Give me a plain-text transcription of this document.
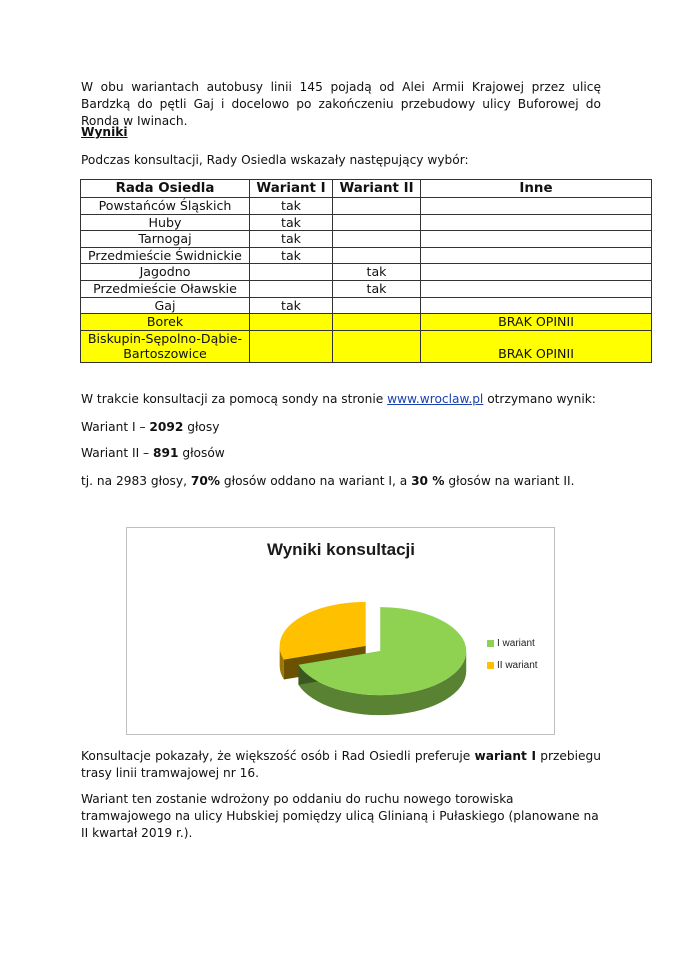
W obu wariantach autobusy linii 145 pojadą od Alei Armii Krajowej przez ulicę Bardzką do pętli Gaj i docelowo po zakończeniu przebudowy ulicy Buforowej do Ronda w Iwinach.

Wyniki

Podczas konsultacji, Rady Osiedla wskazały następujący wybór:

Rada Osiedla	Wariant I	Wariant II	Inne
Powstańców Śląskich	tak		
Huby	tak		
Tarnogaj	tak		
Przedmieście Świdnickie	tak		
Jagodno		tak	
Przedmieście Oławskie		tak	
Gaj	tak		
Borek			BRAK OPINII
Biskupin-Sępolno-Dąbie-Bartoszowice			BRAK OPINII

W trakcie konsultacji za pomocą sondy na stronie www.wroclaw.pl otrzymano wynik:

Wariant I – 2092 głosy

Wariant II – 891 głosów

tj. na 2983 głosy, 70% głosów oddano na wariant I, a 30 % głosów na wariant II.

Wyniki konsultacji
I wariant
II wariant

Konsultacje pokazały, że większość osób i Rad Osiedli preferuje wariant I przebiegu trasy linii tramwajowej nr 16.

Wariant ten zostanie wdrożony po oddaniu do ruchu nowego torowiska tramwajowego na ulicy Hubskiej pomiędzy ulicą Glinianą i Pułaskiego (planowane na II kwartał 2019 r.).
